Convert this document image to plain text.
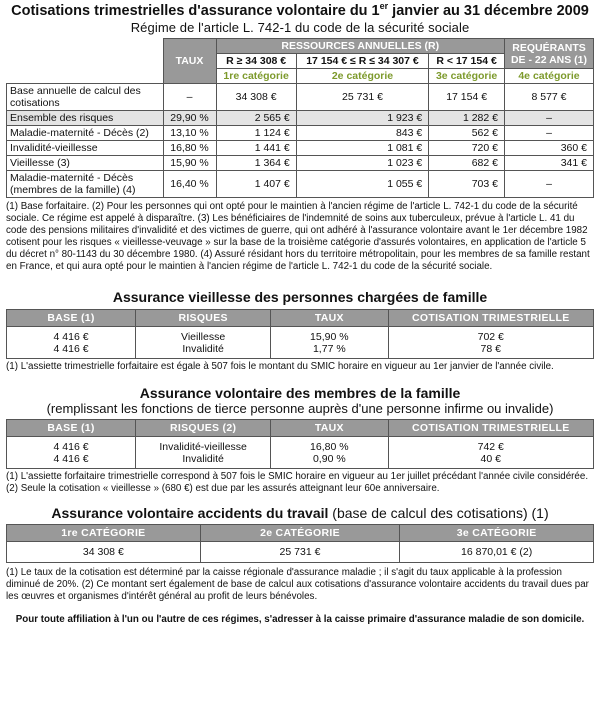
Cotisations trimestrielles d'assurance volontaire du 1er janvier au 31 décembre 2009
Régime de l'article L. 742-1 du code de la sécurité sociale
	TAUX	RESSOURCES ANNUELLES (R)			REQUÉRANTS DE - 22 ANS (1)
		R ≥ 34 308 €	17 154 € ≤ R ≤ 34 307 €	R < 17 154 €	
		1re catégorie	2e catégorie	3e catégorie	4e catégorie
Base annuelle de calcul des cotisations	–	34 308 €	25 731 €	17 154 €	8 577 €
Ensemble des risques	29,90 %	2 565 €	1 923 €	1 282 €	–
Maladie-maternité - Décès (2)	13,10 %	1 124 €	843 €	562 €	–
Invalidité-vieillesse	16,80 %	1 441 €	1 081 €	720 €	360 €
Vieillesse (3)	15,90 %	1 364 €	1 023 €	682 €	341 €
Maladie-maternité - Décès (membres de la famille) (4)	16,40 %	1 407 €	1 055 €	703 €	–

(1) Base forfaitaire. (2) Pour les personnes qui ont opté pour le maintien à l'ancien régime de l'article L. 742-1 du code de la sécurité sociale. Ce régime est appelé à disparaître. (3) Les bénéficiaires de l'indemnité de soins aux tuberculeux, prévue à l'article L. 41 du code des pensions militaires d'invalidité et des victimes de guerre, qui ont adhéré à l'assurance volontaire avant le 1er décembre 1982 cotisent pour les risques « vieillesse-veuvage » sur la base de la troisième catégorie d'assurés volontaires, en application de l'article 5 du décret n° 80-1143 du 30 décembre 1980. (4) Assuré résidant hors du territoire métropolitain, pour les membres de sa famille restant en France, et qui aura opté pour le maintien à l'ancien régime de l'article L. 742-1 du code de la sécurité sociale.

Assurance vieillesse des personnes chargées de famille
BASE (1)	RISQUES	TAUX	COTISATION TRIMESTRIELLE
4 416 €	Vieillesse	15,90 %	702 €
4 416 €	Invalidité	1,77 %	78 €

(1) L'assiette trimestrielle forfaitaire est égale à 507 fois le montant du SMIC horaire en vigueur au 1er janvier de l'année civile.

Assurance volontaire des membres de la famille
(remplissant les fonctions de tierce personne auprès d'une personne infirme ou invalide)
BASE (1)	RISQUES (2)	TAUX	COTISATION TRIMESTRIELLE
4 416 €	Invalidité-vieillesse	16,80 %	742 €
4 416 €	Invalidité	0,90 %	40 €

(1) L'assiette forfaitaire trimestrielle correspond à 507 fois le SMIC horaire en vigueur au 1er juillet précédant l'année civile considérée. (2) Seule la cotisation « vieillesse » (680 €) est due par les assurés atteignant leur 60e anniversaire.

Assurance volontaire accidents du travail (base de calcul des cotisations) (1)
1re CATÉGORIE	2e CATÉGORIE	3e CATÉGORIE
34 308 €	25 731 €	16 870,01 € (2)

(1) Le taux de la cotisation est déterminé par la caisse régionale d'assurance maladie ; il s'agit du taux applicable à la profession diminué de 20%. (2) Ce montant sert également de base de calcul aux cotisations d'assurance volontaire accidents du travail dues par les œuvres et organismes d'intérêt général au profit de leurs bénévoles.

Pour toute affiliation à l'un ou l'autre de ces régimes, s'adresser à la caisse primaire d'assurance maladie de son domicile.
